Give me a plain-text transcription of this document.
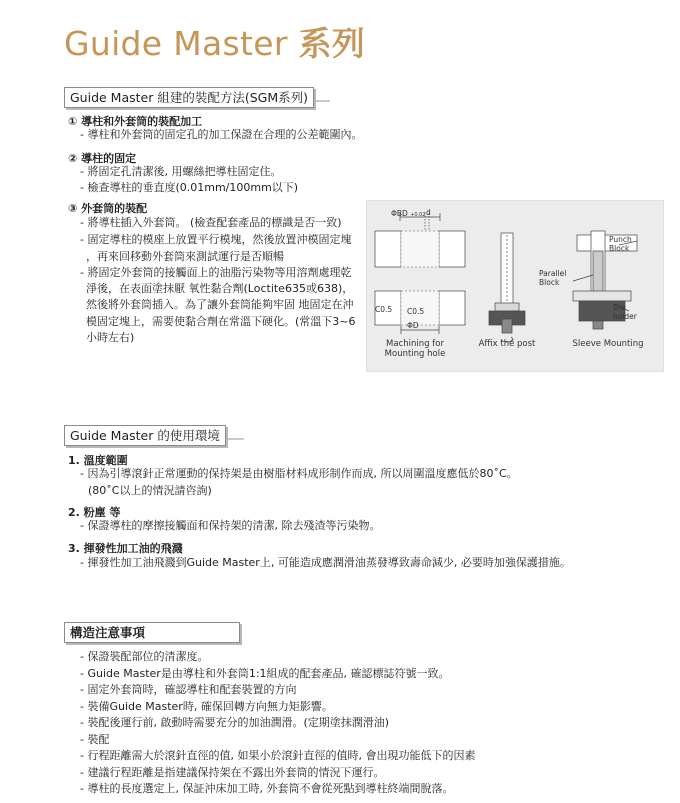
Guide Master 系列
Guide Master 組建的裝配方法(SGM系列)
① 導柱和外套筒的裝配加工
- 導柱和外套筒的固定孔的加工保證在合理的公差範圍內。
② 導柱的固定
- 將固定孔清潔後, 用螺絲把導柱固定住。
- 檢查導柱的垂直度(0.01mm/100mm以下)
③ 外套筒的裝配
- 將導柱插入外套筒。 (檢查配套產品的標識是否一致)
- 固定導柱的模座上放置平行模塊，然後放置沖模固定塊
，再來回移動外套筒來測試運行是否順暢
- 將固定外套筒的接觸面上的油脂污染物等用溶劑處理乾
淨後，在表面塗抹厭 氧性黏合劑(Loctite635或638)，
然後將外套筒插入。為了讓外套筒能夠牢固 地固定在沖
模固定塊上，需要使黏合劑在常溫下硬化。(常溫下3~6
小時左右)
ΦBD +0.02 d
C0.5 C0.5
ΦD
Punch Block
Parallel Block
Die holder
Machining for Mounting hole
Affix the post	Sleeve Mounting
Guide Master 的使用環境
1. 溫度範圍
- 因為引導滾針正常運動的保持架是由樹脂材料成形制作而成, 所以周圍溫度應低於80˚C。
(80˚C以上的情況請咨詢)
2. 粉塵 等
- 保證導柱的摩擦接觸面和保持架的清潔, 除去殘渣等污染物。
3. 揮發性加工油的飛濺
- 揮發性加工油飛濺到Guide Master上, 可能造成應潤滑油蒸發導致壽命減少, 必要時加強保護措施。
構造注意事項
- 保證裝配部位的清潔度。
- Guide Master是由導柱和外套筒1:1組成的配套產品, 確認標誌符號一致。
- 固定外套筒時，確認導柱和配套裝置的方向
- 裝備Guide Master時, 確保回轉方向無力矩影響。
- 裝配後運行前, 啟動時需要充分的加油潤滑。(定期塗抹潤滑油)
- 裝配
- 行程距離需大於滾針直徑的值, 如果小於滾針直徑的值時, 會出現功能低下的因素
- 建議行程距離是指建議保持架在不露出外套筒的情況下運行。
- 導柱的長度選定上, 保証沖床加工時, 外套筒不會從死點到導柱終端間脫落。
